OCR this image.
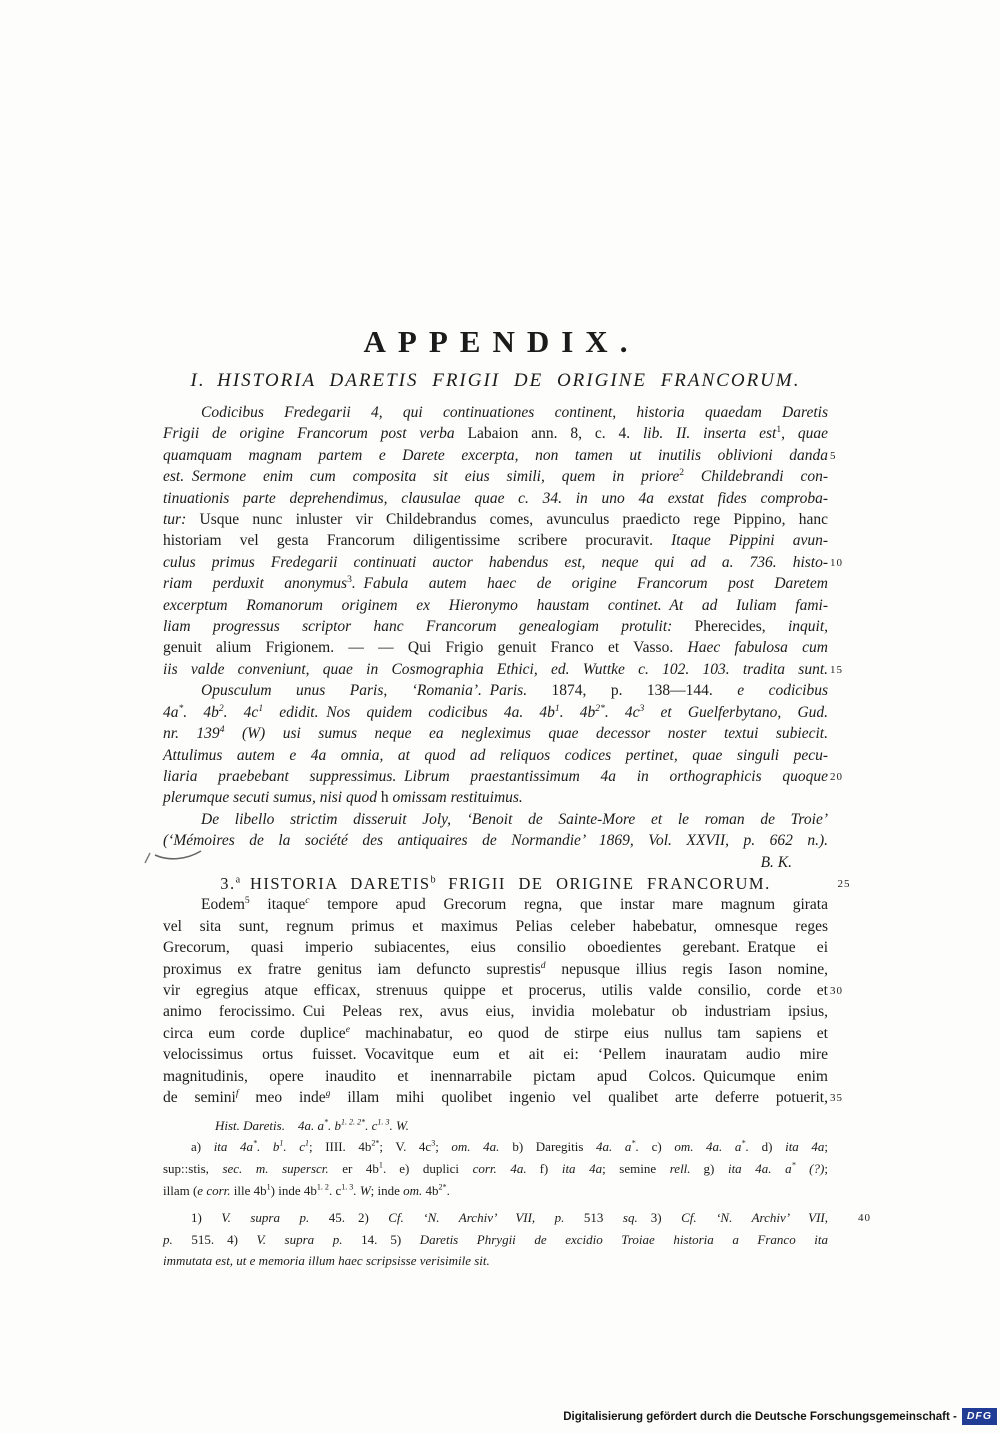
APPENDIX.
I. HISTORIA DARETIS FRIGII DE ORIGINE FRANCORUM.
Codicibus Fredegarii 4, qui continuationes continent, historia quaedam Daretis
Frigii de origine Francorum post verba Labaion ann. 8, c. 4. lib. II. inserta est$^1$, quae
quamquam magnam partem e Darete excerpta, non tamen ut inutilis oblivioni danda 5
est. Sermone enim cum composita sit eius simili, quem in priore$^2$ Childebrandi con-
tinuationis parte deprehendimus, clausulae quae c. 34. in uno 4a exstat fides comproba-
tur: Usque nunc inluster vir Childebrandus comes, avunculus praedicto rege Pippino, hanc
historiam vel gesta Francorum diligentissime scribere procuravit. Itaque Pippini avun-
culus primus Fredegarii continuati auctor habendus est, neque qui ad a. 736. histo- 10
riam perduxit anonymus$^3$. Fabula autem haec de origine Francorum post Daretem
excerptum Romanorum originem ex Hieronymo haustam continet. At ad Iuliam fami-
liam progressus scriptor hanc Francorum genealogiam protulit: Pherecides, inquit,
genuit alium Frigionem. — — Qui Frigio genuit Franco et Vasso. Haec fabulosa cum
iis valde conveniunt, quae in Cosmographia Ethici, ed. Wuttke c. 102. 103. tradita sunt. 15
Opusculum unus Paris, ‘Romania’. Paris. 1874, p. 138—144. e codicibus
4a*. $4b^2$. $4c^1$ edidit. Nos quidem codicibus 4a. $4b^1$. $4b^{2*}$. $4c^3$ et Guelferbytano, Gud.
nr. $139^4$ (W) usi sumus neque ea negleximus quae decessor noster textui subiecit.
Attulimus autem e 4a omnia, at quod ad reliquos codices pertinet, quae singuli pecu-
liaria praebebant suppressimus. Librum praestantissimum 4a in orthographicis quoque 20
plerumque secuti sumus, nisi quod h omissam restituimus.
De libello strictim disseruit Joly, ‘Benoit de Sainte-More et le roman de Troie’
(‘Mémoires de la société des antiquaires de Normandie’ 1869, Vol. XXVII, p. 662 n.).
B. K.
3.$^a$ HISTORIA DARETIS$^b$ FRIGII DE ORIGINE FRANCORUM.	25
Eodem$^5$ itaque$^c$ tempore apud Grecorum regna, que instar mare magnum girata
vel sita sunt, regnum primus et maximus Pelias celeber habebatur, omnesque reges
Grecorum, quasi imperio subiacentes, eius consilio oboedientes gerebant. Eratque ei
proximus ex fratre genitus iam defuncto suprestis$^d$ nepusque illius regis Iason nomine,
vir egregius atque efficax, strenuus quippe et procerus, utilis valde consilio, corde et 30
animo ferocissimo. Cui Peleas rex, avus eius, invidia molebatur ob industriam ipsius,
circa eum corde duplice$^e$ machinabatur, eo quod de stirpe eius nullus tam sapiens et
velocissimus ortus fuisset. Vocavitque eum et ait ei: ‘Pellem inauratam audio mire
magnitudinis, opere inaudito et inennarrabile pictam apud Colcos. Quicumque enim
de semini$^f$ meo inde$^g$ illam mihi quolibet ingenio vel qualibet arte deferre potuerit, 35
Hist. Daretis.   4a. a*. $b^{1. 2. 2*}$. $c^{1. 3}$. W.
a) ita 4a*. $b^1$. $c^1$; IIII. $4b^{2*}$; V. $4c^3$; om. 4a. b) Daregitis 4a. a*. c) om. 4a. a*. d) ita 4a;
sup::stis, sec. m. superscr. er $4b^1$. e) duplici corr. 4a. f) ita 4a; semine rell. g) ita 4a. a* (?);
illam (e corr. ille $4b^1$) inde $4b^{1. 2}$. $c^{1. 3}$. W; inde om. $4b^{2*}$.
1) V. supra p. 45. 2) Cf. ‘N. Archiv’ VII, p. 513 sq. 3) Cf. ‘N. Archiv’ VII,	40
p. 515. 4) V. supra p. 14. 5) Daretis Phrygii de excidio Troiae historia a Franco ita
immutata est, ut e memoria illum haec scripsisse verisimile sit.
Digitalisierung gefördert durch die Deutsche Forschungsgemeinschaft - DFG
